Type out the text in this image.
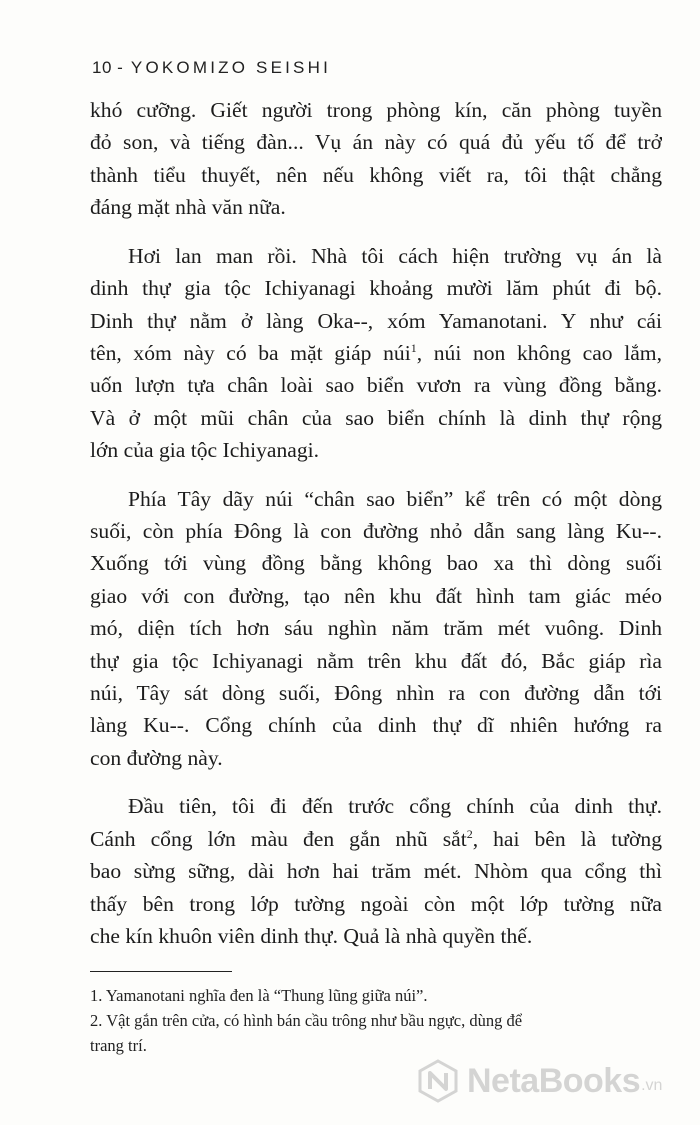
10 - YOKOMIZO SEISHI
khó cưỡng. Giết người trong phòng kín, căn phòng tuyền
đỏ son, và tiếng đàn... Vụ án này có quá đủ yếu tố để trở
thành tiểu thuyết, nên nếu không viết ra, tôi thật chẳng
đáng mặt nhà văn nữa.
Hơi lan man rồi. Nhà tôi cách hiện trường vụ án là
dinh thự gia tộc Ichiyanagi khoảng mười lăm phút đi bộ.
Dinh thự nằm ở làng Oka--, xóm Yamanotani. Y như cái
tên, xóm này có ba mặt giáp núi$^1$, núi non không cao lắm,
uốn lượn tựa chân loài sao biển vươn ra vùng đồng bằng.
Và ở một mũi chân của sao biển chính là dinh thự rộng
lớn của gia tộc Ichiyanagi.
Phía Tây dãy núi “chân sao biển” kể trên có một dòng
suối, còn phía Đông là con đường nhỏ dẫn sang làng Ku--.
Xuống tới vùng đồng bằng không bao xa thì dòng suối
giao với con đường, tạo nên khu đất hình tam giác méo
mó, diện tích hơn sáu nghìn năm trăm mét vuông. Dinh
thự gia tộc Ichiyanagi nằm trên khu đất đó, Bắc giáp rìa
núi, Tây sát dòng suối, Đông nhìn ra con đường dẫn tới
làng Ku--. Cổng chính của dinh thự dĩ nhiên hướng ra
con đường này.
Đầu tiên, tôi đi đến trước cổng chính của dinh thự.
Cánh cổng lớn màu đen gắn nhũ sắt$^2$, hai bên là tường
bao sừng sững, dài hơn hai trăm mét. Nhòm qua cổng thì
thấy bên trong lớp tường ngoài còn một lớp tường nữa
che kín khuôn viên dinh thự. Quả là nhà quyền thế.
1. Yamanotani nghĩa đen là “Thung lũng giữa núi”.
2. Vật gắn trên cửa, có hình bán cầu trông như bầu ngực, dùng để
trang trí.
NetaBooks .vn
